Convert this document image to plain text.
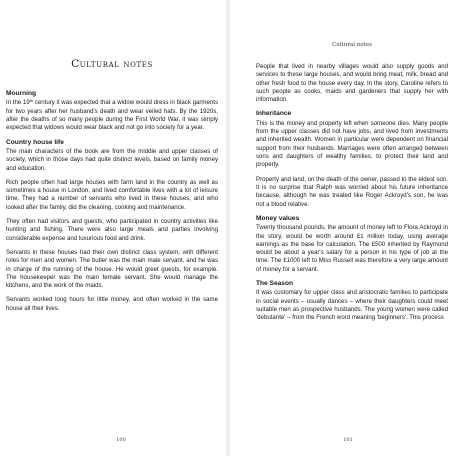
Cultural notes
Mourning

In the 19th century it was expected that a widow would dress in black garments for two years after her husband's death and wear veiled hats. By the 1920s, after the deaths of so many people during the First World War, it was simply expected that widows would wear black and not go into society for a year.

Country house life

The main characters of the book are from the middle and upper classes of society, which in those days had quite distinct levels, based on family money and education.

Rich people often had large houses with farm land in the country as well as sometimes a house in London, and lived comfortable lives with a lot of leisure time. They had a number of servants who lived in these houses, and who looked after the family, did the cleaning, cooking and maintenance.

They often had visitors and guests, who participated in country activities like hunting and fishing. There were also large meals and parties involving considerable expense and luxurious food and drink.

Servants in these houses had their own distinct class system, with different roles for men and women. The butler was the main male servant, and he was in charge of the running of the house. He would greet guests, for example. The housekeeper was the main female servant. She would manage the kitchens, and the work of the maids.

Servants worked long hours for little money, and often worked in the same house all their lives.

100
Cultural notes

People that lived in nearby villages would also supply goods and services to these large houses, and would bring meat, milk, bread and other fresh food to the house every day. In the story, Caroline refers to such people as cooks, maids and gardeners that supply her with information.

Inheritance

This is the money and property left when someone dies. Many people from the upper classes did not have jobs, and lived from investments and inherited wealth. Women in particular were dependent on financial support from their husbands. Marriages were often arranged between sons and daughters of wealthy families, to protect their land and property.

Property and land, on the death of the owner, passed to the eldest son. It is no surprise that Ralph was worried about his future inheritance because, although he was treated like Roger Ackroyd's son, he was not a blood relative.

Money values

Twenty thousand pounds, the amount of money left to Flora Ackroyd in the story, would be worth around £1 million today, using average earnings as the base for calculation. The £500 inherited by Raymond would be about a year's salary for a person in his type of job at the time. The £1000 left to Miss Russell was therefore a very large amount of money for a servant.

The Season

It was customary for upper class and aristocratic families to participate in social events – usually dances – where their daughters could meet suitable men as prospective husbands. The young women were called 'debutante' – from the French word meaning 'beginners'. This process

101
